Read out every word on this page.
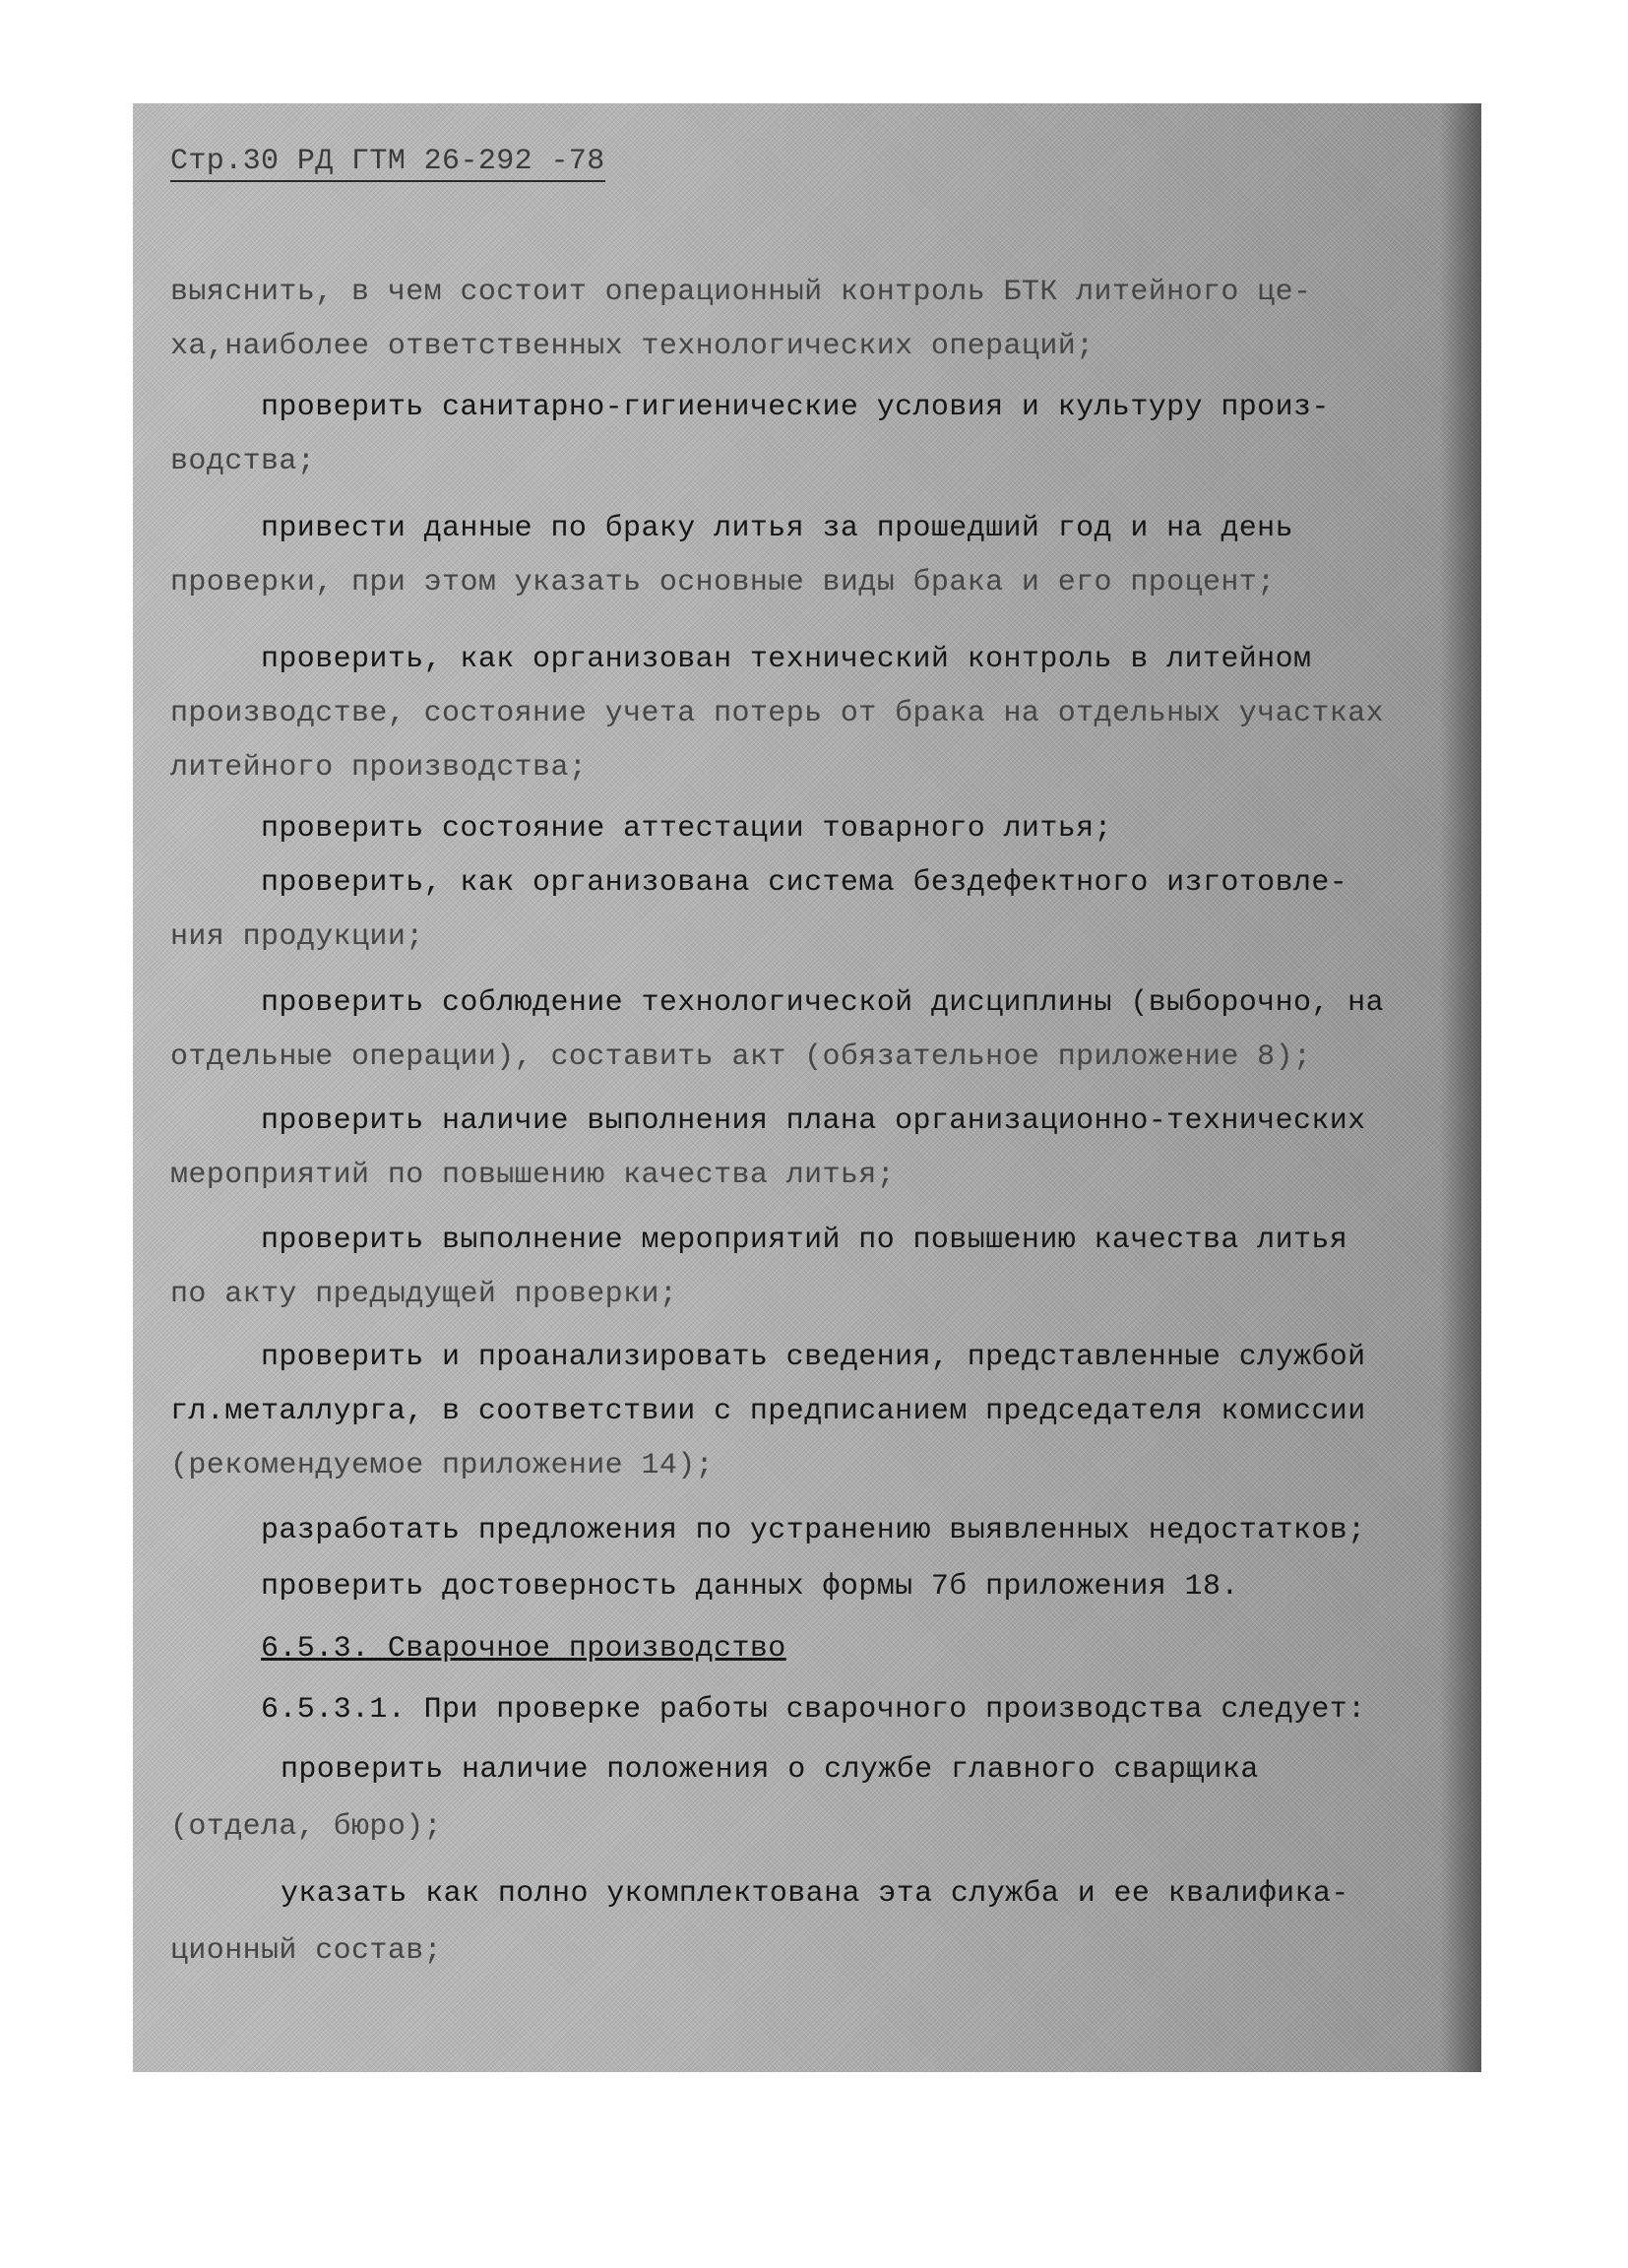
Стр.30 РД ГТМ 26-292 -78
выяснить, в чем состоит операционный контроль БТК литейного це-
ха,наиболее ответственных технологических операций;
проверить санитарно-гигиенические условия и культуру произ-
водства;
привести данные по браку литья за прошедший год и на день
проверки, при этом указать основные виды брака и его процент;
проверить, как организован технический контроль в литейном
производстве, состояние учета потерь от брака на отдельных участках
литейного производства;
проверить состояние аттестации товарного литья;
проверить, как организована система бездефектного изготовле-
ния продукции;
проверить соблюдение технологической дисциплины (выборочно, на
отдельные операции), составить акт (обязательное приложение 8);
проверить наличие выполнения плана организационно-технических
мероприятий по повышению качества литья;
проверить выполнение мероприятий по повышению качества литья
по акту предыдущей проверки;
проверить и проанализировать сведения, представленные службой
гл.металлурга, в соответствии с предписанием председателя комиссии
(рекомендуемое приложение 14);
разработать предложения по устранению выявленных недостатков;
проверить достоверность данных формы 7б приложения 18.
6.5.3. Сварочное производство
6.5.3.1. При проверке работы сварочного производства следует:
проверить наличие положения о службе главного сварщика
(отдела, бюро);
указать как полно укомплектована эта служба и ее квалифика-
ционный состав;
